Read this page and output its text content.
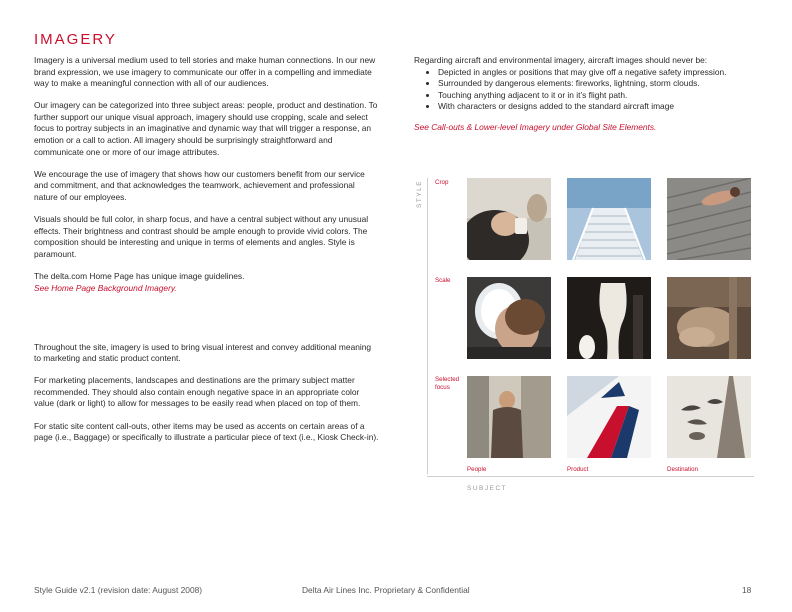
IMAGERY

Imagery is a universal medium used to tell stories and make human connections. In our new brand expression, we use imagery to communicate our offer in a compelling and immediate way to make a meaningful connection with all of our audiences.

Our imagery can be categorized into three subject areas: people, product and destination. To further support our unique visual approach, imagery should use cropping, scale and select focus to portray subjects in an imaginative and dynamic way that will trigger a response, an emotion or a call to action. All imagery should be surprisingly straightforward and communicate one or more of our image attributes.

We encourage the use of imagery that shows how our customers benefit from our service and commitment, and that acknowledges the teamwork, achievement and professional nature of our employees.

Visuals should be full color, in sharp focus, and have a central subject without any unusual effects. Their brightness and contrast should be ample enough to provide vivid colors. The composition should be interesting and unique in terms of elements and angles. Style is paramount.

The delta.com Home Page has unique image guidelines.
See Home Page Background Imagery.

Throughout the site, imagery is used to bring visual interest and convey additional meaning to marketing and static product content.

For marketing placements, landscapes and destinations are the primary subject matter recommended. They should also contain enough negative space in an appropriate color value (dark or light) to allow for messages to be easily read when placed on top of them.

For static site content call-outs, other items may be used as accents on certain areas of a page (i.e., Baggage) or specifically to illustrate a particular piece of text (i.e., Kiosk Check-in).

Regarding aircraft and environmental imagery, aircraft images should never be:

• Depicted in angles or positions that may give off a negative safety impression.
• Surrounded by dangerous elements: fireworks, lightning, storm clouds.
• Touching anything adjacent to it or in it’s flight path.
• With characters or designs added to the standard aircraft image

See Call-outs & Lower-level Imagery under Global Site Elements.

STYLE
SUBJECT
Crop
Scale
Selected focus
People	Product	Destination
Style Guide v2.1 (revision date: August 2008)	Delta Air Lines Inc. Proprietary & Confidential	18
